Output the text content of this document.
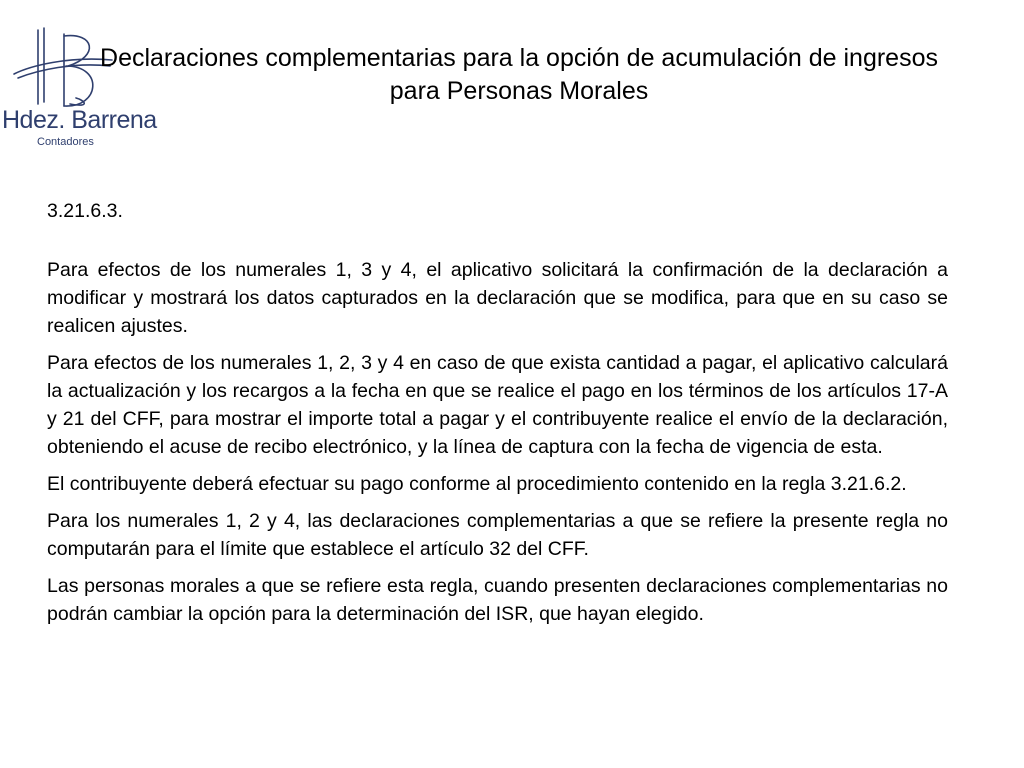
Hdez. Barrena
Contadores
Declaraciones complementarias para la opción de acumulación de ingresos para Personas Morales

3.21.6.3.

Para efectos de los numerales 1, 3 y 4, el aplicativo solicitará la confirmación de la declaración a modificar y mostrará los datos capturados en la declaración que se modifica, para que en su caso se realicen ajustes.

Para efectos de los numerales 1, 2, 3 y 4 en caso de que exista cantidad a pagar, el aplicativo calculará la actualización y los recargos a la fecha en que se realice el pago en los términos de los artículos 17-A y 21 del CFF, para mostrar el importe total a pagar y el contribuyente realice el envío de la declaración, obteniendo el acuse de recibo electrónico, y la línea de captura con la fecha de vigencia de esta.

El contribuyente deberá efectuar su pago conforme al procedimiento contenido en la regla 3.21.6.2.

Para los numerales 1, 2 y 4, las declaraciones complementarias a que se refiere la presente regla no computarán para el límite que establece el artículo 32 del CFF.

Las personas morales a que se refiere esta regla, cuando presenten declaraciones complementarias no podrán cambiar la opción para la determinación del ISR, que hayan elegido.
